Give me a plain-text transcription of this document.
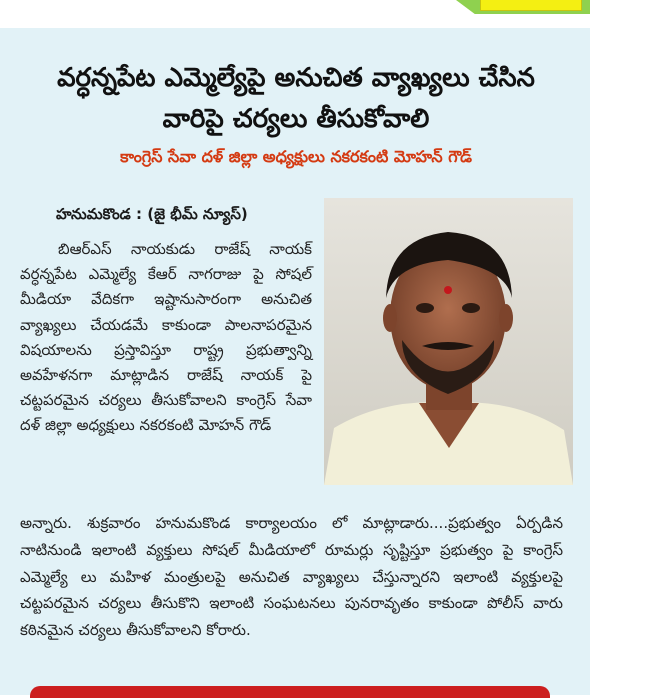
వర్ధన్నపేట ఎమ్మెల్యేపై అనుచిత వ్యాఖ్యలు చేసిన
వారిపై చర్యలు తీసుకోవాలి

కాంగ్రెస్ సేవా దళ్ జిల్లా అధ్యక్షులు నకరకంటి మోహన్ గౌడ్

హనుమకొండ : (జై భీమ్ న్యూస్)

బిఆర్ఎస్ నాయకుడు రాజేష్ నాయక్ వర్ధన్నపేట ఎమ్మెల్యే కేఆర్ నాగరాజు పై సోషల్ మీడియా వేదికగా ఇష్టానుసారంగా అనుచిత వ్యాఖ్యలు చేయడమే కాకుండా పాలనాపరమైన విషయాలను ప్రస్తావిస్తూ రాష్ట్ర ప్రభుత్వాన్ని అవహేళనగా మాట్లాడిన రాజేష్ నాయక్ పై చట్టపరమైన చర్యలు తీసుకోవాలని కాంగ్రెస్ సేవా దళ్ జిల్లా అధ్యక్షులు నకరకంటి మోహన్ గౌడ్

అన్నారు. శుక్రవారం హనుమకొండ కార్యాలయం లో మాట్లాడారు....ప్రభుత్వం ఏర్పడిన నాటినుండి ఇలాంటి వ్యక్తులు సోషల్ మీడియాలో రూమర్లు సృష్టిస్తూ ప్రభుత్వం పై కాంగ్రెస్ ఎమ్మెల్యే లు మహిళ మంత్రులపై అనుచిత వ్యాఖ్యలు చేస్తున్నారని ఇలాంటి వ్యక్తులపై చట్టపరమైన చర్యలు తీసుకొని ఇలాంటి సంఘటనలు పునరావృతం కాకుండా పోలీస్ వారు కఠినమైన చర్యలు తీసుకోవాలని కోరారు.
